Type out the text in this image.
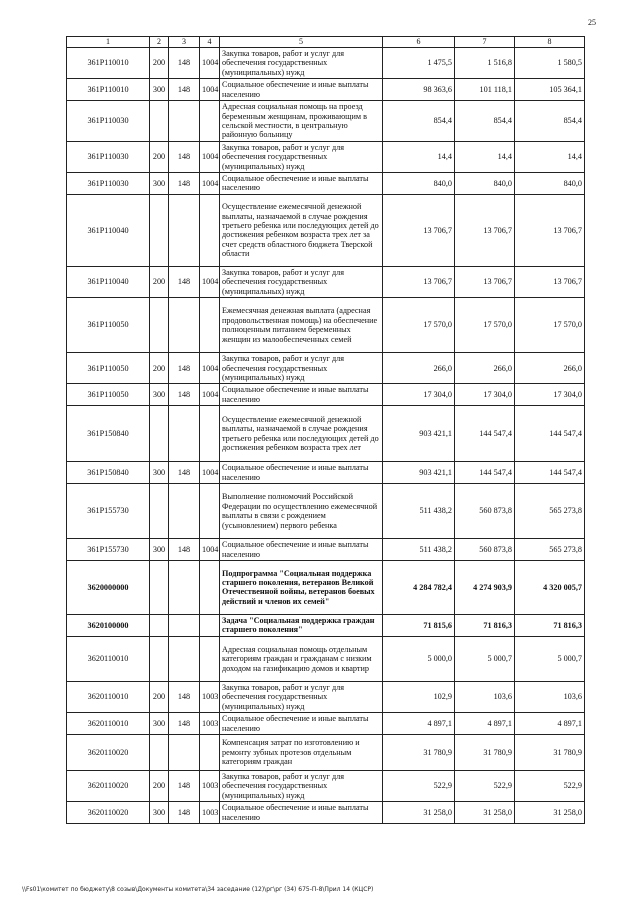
25
1	2	3	4	5	6	7	8
361P110010	200	148	1004	Закупка товаров, работ и услуг для обеспечения государственных (муниципальных) нужд	1 475,5	1 516,8	1 580,5
361P110010	300	148	1004	Социальное обеспечение и иные выплаты населению	98 363,6	101 118,1	105 364,1
361P110030				Адресная социальная помощь на проезд беременным женщинам, проживающим в сельской местности, в центральную районную больницу	854,4	854,4	854,4
361P110030	200	148	1004	Закупка товаров, работ и услуг для обеспечения государственных (муниципальных) нужд	14,4	14,4	14,4
361P110030	300	148	1004	Социальное обеспечение и иные выплаты населению	840,0	840,0	840,0
361P110040				Осуществление ежемесячной денежной выплаты, назначаемой в случае рождения третьего ребенка или последующих детей до достижения ребенком возраста трех лет за счет средств областного бюджета Тверской области	13 706,7	13 706,7	13 706,7
361P110040	200	148	1004	Закупка товаров, работ и услуг для обеспечения государственных (муниципальных) нужд	13 706,7	13 706,7	13 706,7
361P110050				Ежемесячная денежная выплата (адресная продовольственная помощь) на обеспечение полноценным питанием беременных женщин из малообеспеченных семей	17 570,0	17 570,0	17 570,0
361P110050	200	148	1004	Закупка товаров, работ и услуг для обеспечения государственных (муниципальных) нужд	266,0	266,0	266,0
361P110050	300	148	1004	Социальное обеспечение и иные выплаты населению	17 304,0	17 304,0	17 304,0
361P150840				Осуществление ежемесячной денежной выплаты, назначаемой в случае рождения третьего ребенка или последующих детей до достижения ребенком возраста трех лет	903 421,1	144 547,4	144 547,4
361P150840	300	148	1004	Социальное обеспечение и иные выплаты населению	903 421,1	144 547,4	144 547,4
361P155730				Выполнение полномочий Российской Федерации по осуществлению ежемесячной выплаты в связи с рождением (усыновлением) первого ребенка	511 438,2	560 873,8	565 273,8
361P155730	300	148	1004	Социальное обеспечение и иные выплаты населению	511 438,2	560 873,8	565 273,8
3620000000				Подпрограмма "Социальная поддержка старшего поколения, ветеранов Великой Отечественной войны, ветеранов боевых действий и членов их семей"	4 284 782,4	4 274 903,9	4 320 005,7
3620100000				Задача "Социальная поддержка граждан старшего поколения"	71 815,6	71 816,3	71 816,3
3620110010				Адресная социальная помощь отдельным категориям граждан и гражданам с низким доходом на газификацию домов и квартир	5 000,0	5 000,7	5 000,7
3620110010	200	148	1003	Закупка товаров, работ и услуг для обеспечения государственных (муниципальных) нужд	102,9	103,6	103,6
3620110010	300	148	1003	Социальное обеспечение и иные выплаты населению	4 897,1	4 897,1	4 897,1
3620110020				Компенсация затрат по изготовлению и ремонту зубных протезов отдельным категориям граждан	31 780,9	31 780,9	31 780,9
3620110020	200	148	1003	Закупка товаров, работ и услуг для обеспечения государственных (муниципальных) нужд	522,9	522,9	522,9
3620110020	300	148	1003	Социальное обеспечение и иные выплаты населению	31 258,0	31 258,0	31 258,0
\\Fs01\комитет по бюджету\8 созыв\Документы комитета\34 заседание (12)\рг\рг (34) 675-П-8\Прил 14 (КЦСР)
